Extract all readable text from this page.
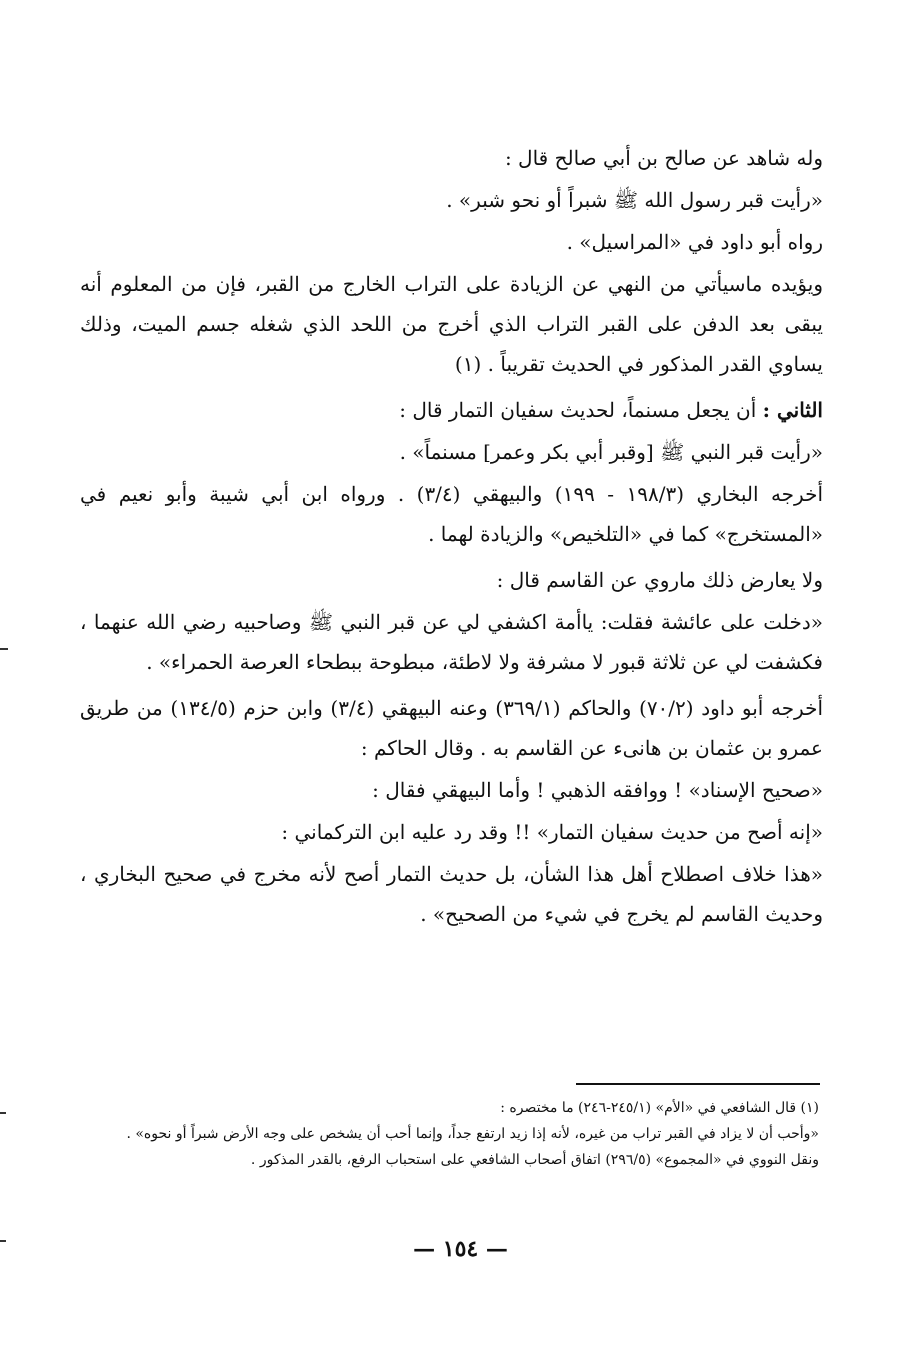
وله شاهد عن صالح بن أبي صالح قال :

«رأيت قبر رسول الله ﷺ شبراً أو نحو شبر» .

رواه أبو داود في «المراسيل» .

ويؤيده ماسيأتي من النهي عن الزيادة على التراب الخارج من القبر، فإن من المعلوم أنه يبقى بعد الدفن على القبر التراب الذي أخرج من اللحد الذي شغله جسم الميت، وذلك يساوي القدر المذكور في الحديث تقريباً . (١)

الثاني : أن يجعل مسنماً، لحديث سفيان التمار قال :

«رأيت قبر النبي ﷺ [وقبر أبي بكر وعمر] مسنماً» .

أخرجه البخاري (١٩٨/٣ - ١٩٩) والبيهقي (٣/٤) . ورواه ابن أبي شيبة وأبو نعيم في «المستخرج» كما في «التلخيص» والزيادة لهما .

ولا يعارض ذلك ماروي عن القاسم قال :

«دخلت على عائشة فقلت: ياأمة اكشفي لي عن قبر النبي ﷺ وصاحبيه رضي الله عنهما ، فكشفت لي عن ثلاثة قبور لا مشرفة ولا لاطئة، مبطوحة ببطحاء العرصة الحمراء» .

أخرجه أبو داود (٧٠/٢) والحاكم (٣٦٩/١) وعنه البيهقي (٣/٤) وابن حزم (١٣٤/٥) من طريق عمرو بن عثمان بن هانىء عن القاسم به . وقال الحاكم :

«صحيح الإسناد» ! ووافقه الذهبي ! وأما البيهقي فقال :

«إنه أصح من حديث سفيان التمار» !! وقد رد عليه ابن التركماني :

«هذا خلاف اصطلاح أهل هذا الشأن، بل حديث التمار أصح لأنه مخرج في صحيح البخاري ، وحديث القاسم لم يخرج في شيء من الصحيح» .

(١) قال الشافعي في «الأم» (٢٤٥/١-٢٤٦) ما مختصره :

«وأحب أن لا يزاد في القبر تراب من غيره، لأنه إذا زيد ارتفع جداً، وإنما أحب أن يشخص على وجه الأرض شبراً أو نحوه» .

ونقل النووي في «المجموع» (٢٩٦/٥) اتفاق أصحاب الشافعي على استحباب الرفع، بالقدر المذكور .

— ١٥٤ —
